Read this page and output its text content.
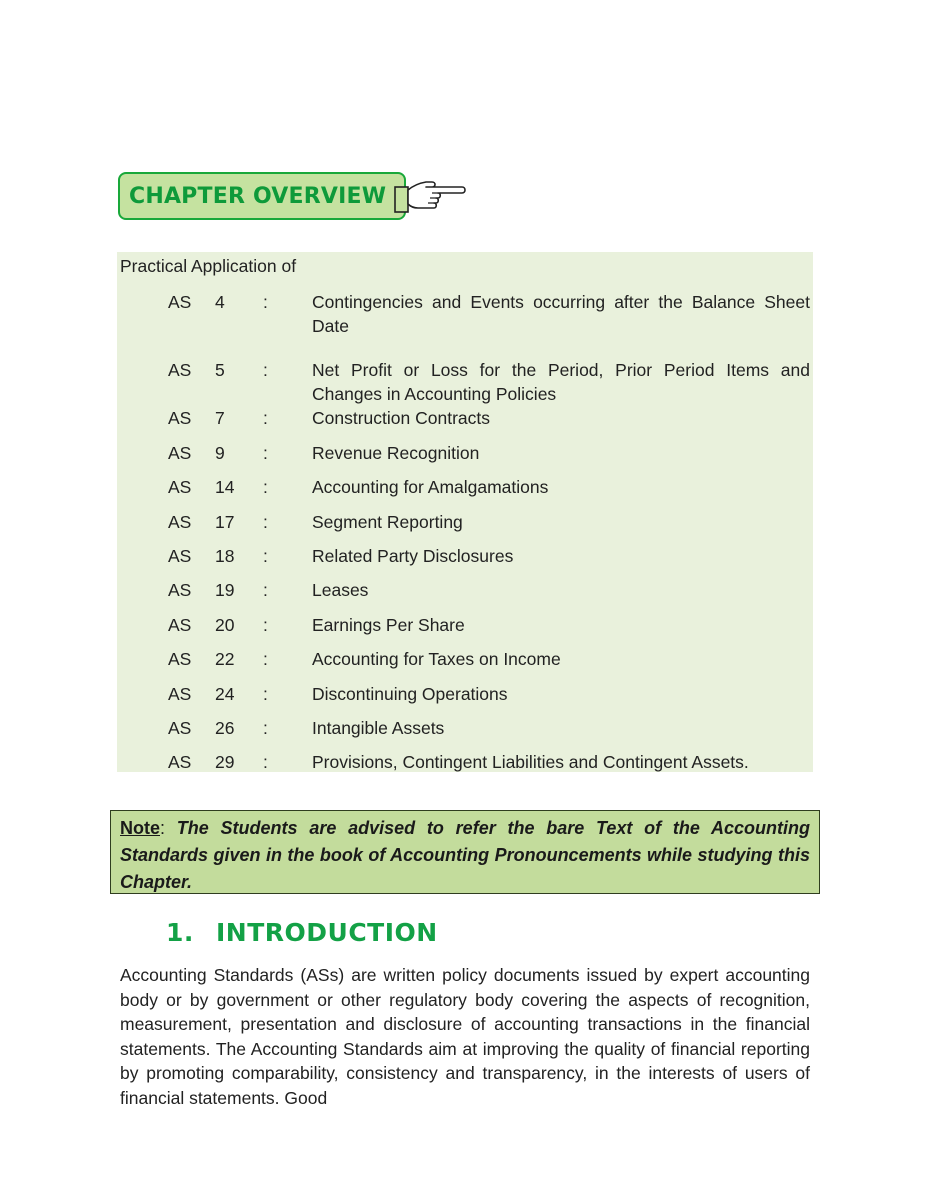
CHAPTER OVERVIEW
Practical Application of
AS 4 :	Contingencies and Events occurring after the Balance Sheet Date
AS 5 :	Net Profit or Loss for the Period, Prior Period Items and Changes in Accounting Policies
AS 7 :	Construction Contracts
AS 9 :	Revenue Recognition
AS 14 :	Accounting for Amalgamations
AS 17 :	Segment Reporting
AS 18 :	Related Party Disclosures
AS 19 :	Leases
AS 20 :	Earnings Per Share
AS 22 :	Accounting for Taxes on Income
AS 24 :	Discontinuing Operations
AS 26 :	Intangible Assets
AS 29 :	Provisions, Contingent Liabilities and Contingent Assets.
Note: The Students are advised to refer the bare Text of the Accounting Standards given in the book of Accounting Pronouncements while studying this Chapter.
1. INTRODUCTION
Accounting Standards (ASs) are written policy documents issued by expert accounting body or by government or other regulatory body covering the aspects of recognition, measurement, presentation and disclosure of accounting transactions in the financial statements. The Accounting Standards aim at improving the quality of financial reporting by promoting comparability, consistency and transparency, in the interests of users of financial statements. Good
